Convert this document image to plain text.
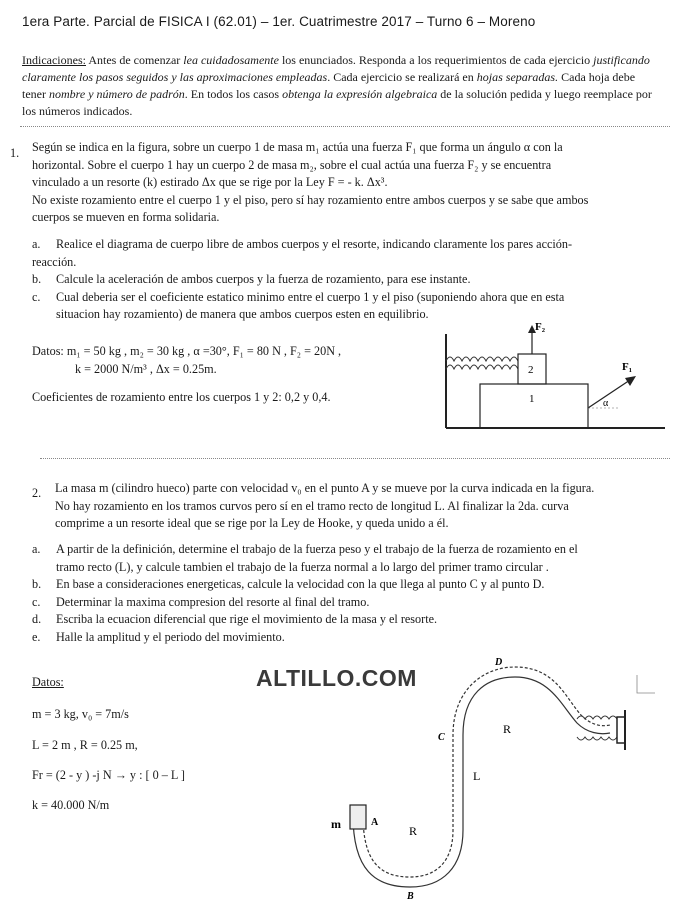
1era Parte. Parcial de FISICA I (62.01) – 1er. Cuatrimestre 2017 – Turno 6 – Moreno
Indicaciones: Antes de comenzar lea cuidadosamente los enunciados. Responda a los requerimientos de cada ejercicio justificando
claramente los pasos seguidos y las aproximaciones empleadas. Cada ejercicio se realizará en hojas separadas. Cada hoja debe
tener nombre y número de padrón. En todos los casos obtenga la expresión algebraica de la solución pedida y luego reemplace por
los números indicados.
1. Según se indica en la figura, sobre un cuerpo 1 de masa m₁ actúa una fuerza F₁ que forma un ángulo α con la
horizontal. Sobre el cuerpo 1 hay un cuerpo 2 de masa m₂, sobre el cual actúa una fuerza F₂ y se encuentra
vinculado a un resorte (k) estirado Δx que se rige por la Ley F = - k. Δx³.
No existe rozamiento entre el cuerpo 1 y el piso, pero sí hay rozamiento entre ambos cuerpos y se sabe que ambos
cuerpos se mueven en forma solidaria.
a.	Realice el diagrama de cuerpo libre de ambos cuerpos y el resorte, indicando claramente los pares acción-
reacción.
b.	Calcule la aceleración de ambos cuerpos y la fuerza de rozamiento, para ese instante.
c.	Cual deberia ser el coeficiente estatico minimo entre el cuerpo 1 y el piso (suponiendo ahora que en esta
situacion hay rozamiento) de manera que ambos cuerpos esten en equilibrio.
Datos: m₁ = 50 kg , m₂ = 30 kg , α =30°, F₁ = 80 N , F₂ = 20N ,
k = 2000 N/m³ , Δx = 0.25m.
Coeficientes de rozamiento entre los cuerpos 1 y 2: 0,2 y 0,4.
2
1
F₂
F₁
α
2. La masa m (cilindro hueco) parte con velocidad v₀ en el punto A y se mueve por la curva indicada en la figura.
No hay rozamiento en los tramos curvos pero sí en el tramo recto de longitud L. Al finalizar la 2da. curva
comprime a un resorte ideal que se rige por la Ley de Hooke, y queda unido a él.
a.	A partir de la definición, determine el trabajo de la fuerza peso y el trabajo de la fuerza de rozamiento en el
tramo recto (L), y calcule tambien el trabajo de la fuerza normal a lo largo del primer tramo circular .
b.	En base a consideraciones energeticas, calcule la velocidad con la que llega al punto C y al punto D.
c.	Determinar la maxima compresion del resorte al final del tramo.
d.	Escriba la ecuacion diferencial que rige el movimiento de la masa y el resorte.
e.	Halle la amplitud y el periodo del movimiento.
Datos:
m = 3 kg, v₀ = 7m/s
L = 2 m , R = 0.25 m,
Fr = (2 - y ) -j N → y : [ 0 – L ]
k = 40.000 N/m
ALTILLO.COM
m	A
B
R
L
C
R
D
